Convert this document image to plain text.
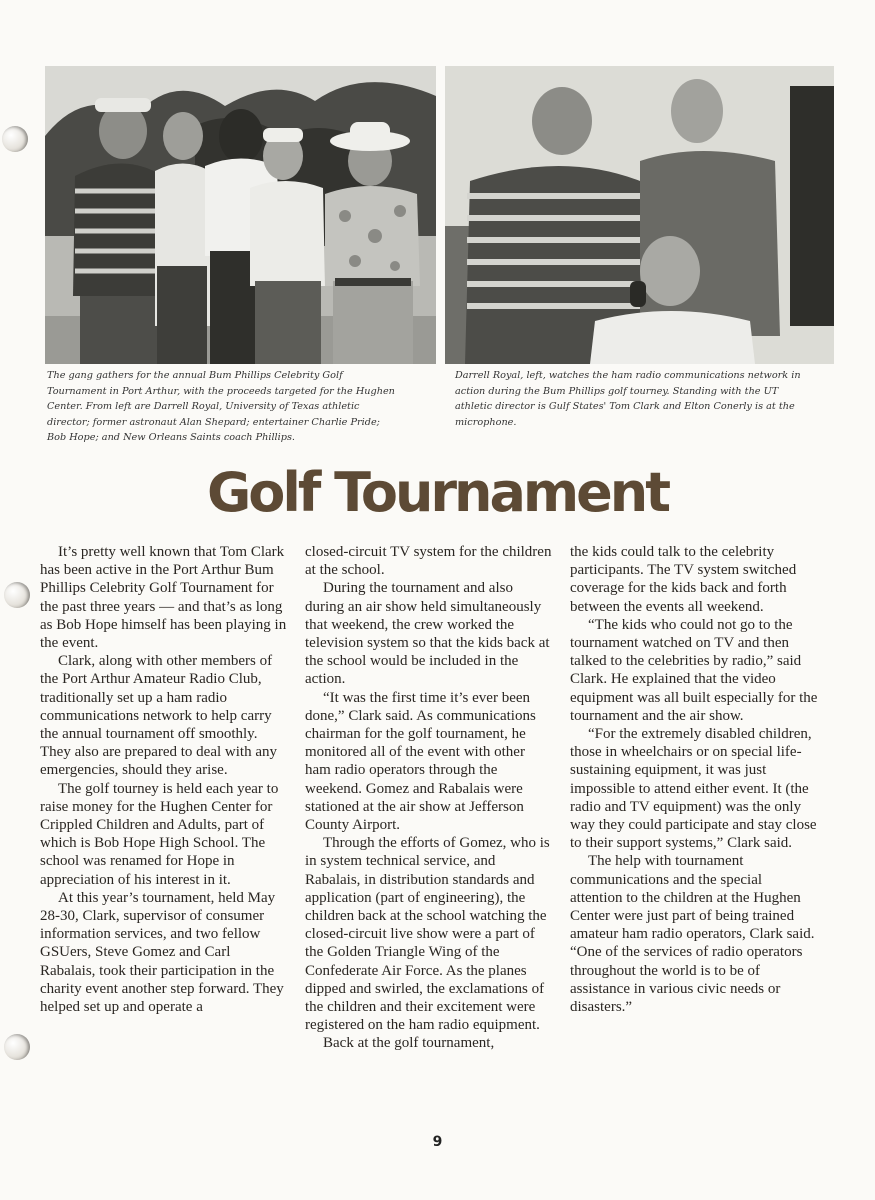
The gang gathers for the annual Bum Phillips Celebrity Golf Tournament in Port Arthur, with the proceeds targeted for the Hughen Center. From left are Darrell Royal, University of Texas athletic director; former astronaut Alan Shepard; entertainer Charlie Pride; Bob Hope; and New Orleans Saints coach Phillips.
Darrell Royal, left, watches the ham radio communications network in action during the Bum Phillips golf tourney. Standing with the UT athletic director is Gulf States' Tom Clark and Elton Conerly is at the microphone.
Golf Tournament

It’s pretty well known that Tom Clark has been active in the Port Arthur Bum Phillips Celebrity Golf Tournament for the past three years — and that’s as long as Bob Hope himself has been playing in the event.

Clark, along with other members of the Port Arthur Amateur Radio Club, traditionally set up a ham radio communications network to help carry the annual tournament off smoothly. They also are prepared to deal with any emergencies, should they arise.

The golf tourney is held each year to raise money for the Hughen Center for Crippled Children and Adults, part of which is Bob Hope High School. The school was renamed for Hope in appreciation of his interest in it.

At this year’s tournament, held May 28-30, Clark, supervisor of consumer information services, and two fellow GSUers, Steve Gomez and Carl Rabalais, took their participation in the charity event another step forward. They helped set up and operate a

closed-circuit TV system for the children at the school.

During the tournament and also during an air show held simultaneously that weekend, the crew worked the television system so that the kids back at the school would be included in the action.

“It was the first time it’s ever been done,” Clark said. As communications chairman for the golf tournament, he monitored all of the event with other ham radio operators through the weekend. Gomez and Rabalais were stationed at the air show at Jefferson County Airport.

Through the efforts of Gomez, who is in system technical service, and Rabalais, in distribution standards and application (part of engineering), the children back at the school watching the closed-circuit live show were a part of the Golden Triangle Wing of the Confederate Air Force. As the planes dipped and swirled, the exclamations of the children and their excitement were registered on the ham radio equipment.

Back at the golf tournament,

the kids could talk to the celebrity participants. The TV system switched coverage for the kids back and forth between the events all weekend.

“The kids who could not go to the tournament watched on TV and then talked to the celebrities by radio,” said Clark. He explained that the video equipment was all built especially for the tournament and the air show.

“For the extremely disabled children, those in wheelchairs or on special life-sustaining equipment, it was just impossible to attend either event. It (the radio and TV equipment) was the only way they could participate and stay close to their support systems,” Clark said.

The help with tournament communications and the special attention to the children at the Hughen Center were just part of being trained amateur ham radio operators, Clark said. “One of the services of radio operators throughout the world is to be of assistance in various civic needs or disasters.”

9
